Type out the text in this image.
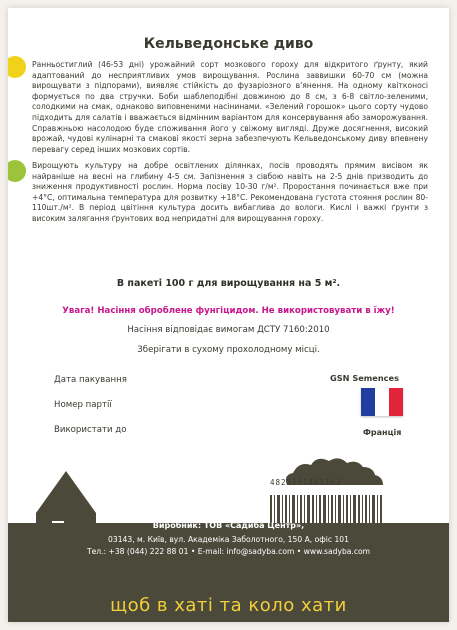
Кельведонське диво
Ранньостиглий (46-53 дні) урожайний сорт мозкового гороху для відкритого ґрунту, який адаптований до несприятливих умов вирощування. Рослина заввишки 60-70 см (можна вирощувати з підпорами), виявляє стійкість до фузаріозного в'янення. На одному квітконосі формується по два стручки. Боби шаблеподібні довжиною до 8 см, з 6-8 світло-зеленими, солодкими на смак, однаково виповненими насінинами. «Зелений горошок» цього сорту чудово підходить для салатів і вважається відмінним варіантом для консервування або заморожування. Справжньою насолодою буде споживання його у свіжому вигляді. Друже досягнення, високий врожай, чудові кулінарні та смакові якості зерна забезпечують Кельведонському диву впевнену перевагу серед інших мозкових сортів.
Вирощують культуру на добре освітлених ділянках, посів проводять прямим висівом як найраніше на весні на глибину 4-5 см. Запізнення з сівбою навіть на 2-5 днів призводить до зниження продуктивності рослин. Норма посіву 10-30 г/м². Проростання починається вже при +4°С, оптимальна температура для розвитку +18°С. Рекомендована густота стояння рослин 80-110шт./м². В період цвітіння культура досить вибаглива до вологи. Кислі і важкі ґрунти з високим залягання ґрунтових вод непридатні для вирощування гороху.
В пакеті 100 г для вирощування на 5 м².
Увага! Насіння оброблене фунгіцидом. Не використовувати в їжу!
Насіння відповідає вимогам ДСТУ 7160:2010
Зберігати в сухому прохолодному місці.
Дата пакування
Номер партії
Використати до
GSN Semences
Франція
4823111401162
Виробник: ТОВ «Садиба Центр»,
03143, м. Київ, вул. Академіка Заболотного, 150 А, офіс 101
Тел.: +38 (044) 222 88 01 • E-mail: info@sadyba.com • www.sadyba.com
щоб в хаті та коло хати
